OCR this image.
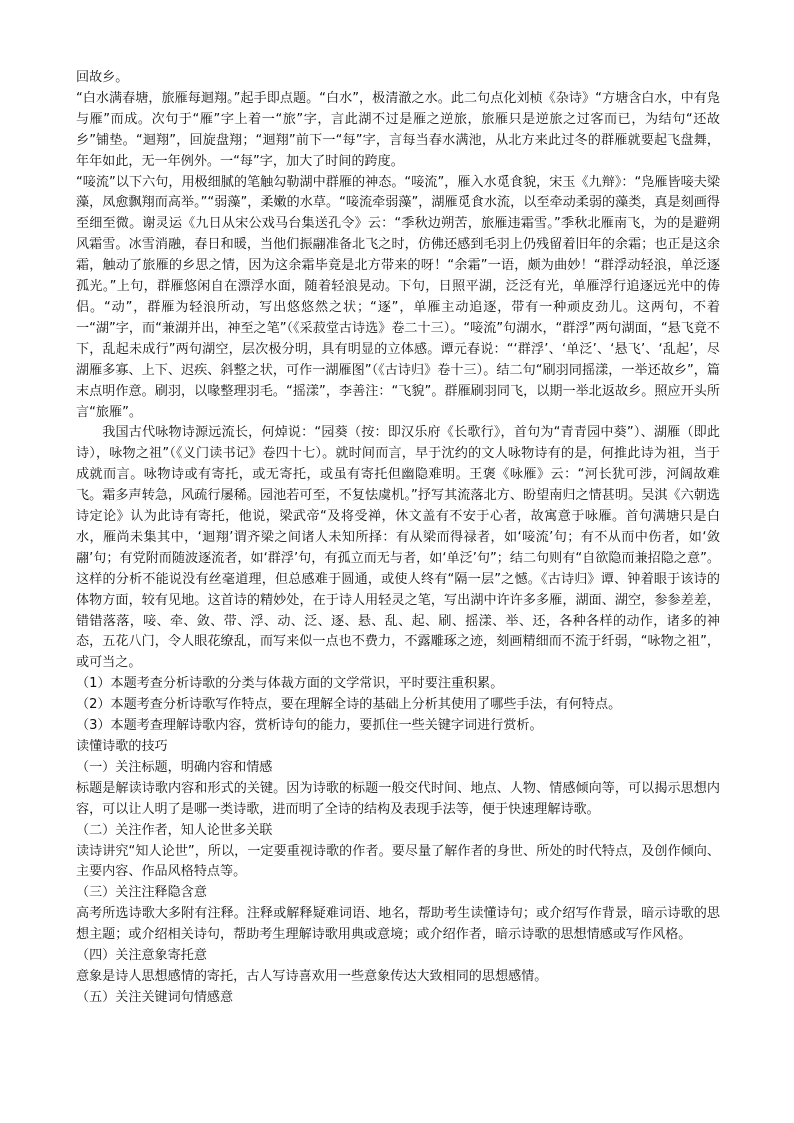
回故乡。

“白水满春塘，旅雁每迴翔。”起手即点题。“白水”，极清澈之水。此二句点化刘桢《杂诗》“方塘含白水，中有凫与雁”而成。次句于“雁”字上着一“旅”字，言此湖不过是雁之逆旅，旅雁只是逆旅之过客而已，为结句“还故乡”铺垫。“迴翔”，回旋盘翔；“迴翔”前下一“每”字，言每当春水满池，从北方来此过冬的群雁就要起飞盘舞，年年如此，无一年例外。一“每”字，加大了时间的跨度。

“唼流”以下六句，用极细腻的笔触勾勒湖中群雁的神态。“唼流”，雁入水觅食貌，宋玉《九辩》：“凫雁皆唼夫梁藻，凤愈飘翔而高举。”“弱藻”，柔嫩的水草。“唼流牵弱藻”，湖雁觅食水流，以至牵动柔弱的藻类，真是刻画得至细至微。谢灵运《九日从宋公戏马台集送孔令》云：“季秋边朔苦，旅雁违霜雪。”季秋北雁南飞，为的是避朔风霜雪。冰雪消融，春日和暖，当他们振翮准备北飞之时，仿佛还感到毛羽上仍残留着旧年的余霜；也正是这余霜，触动了旅雁的乡思之情，因为这余霜毕竟是北方带来的呀！“余霜”一语，颇为曲妙！“群浮动轻浪，单泛逐孤光。”上句，群雁悠闲自在漂浮水面，随着轻浪晃动。下句，日照平湖，泛泛有光，单雁浮行追逐远光中的俦侣。“动”，群雁为轻浪所动，写出悠悠然之状；“逐”，单雁主动追逐，带有一种顽皮劲儿。这两句，不着一“湖”字，而“兼湖并出，神至之笔”（《采菽堂古诗选》卷二十三）。“唼流”句湖水，“群浮”两句湖面，“悬飞竟不下，乱起未成行”两句湖空，层次极分明，具有明显的立体感。谭元春说：“‘群浮’、‘单泛’、‘悬飞’、‘乱起’，尽湖雁多寡、上下、迟疾、斜整之状，可作一湖雁图”（《古诗归》卷十三）。结二句“刷羽同摇漾，一举还故乡”，篇末点明作意。刷羽，以喙整理羽毛。“摇漾”，李善注：“飞貌”。群雁刷羽同飞，以期一举北返故乡。照应开头所言“旅雁”。

我国古代咏物诗源远流长，何焯说：“园葵（按：即汉乐府《长歌行》，首句为“青青园中葵”）、湖雁（即此诗），咏物之祖”（《义门读书记》卷四十七）。就时间而言，早于沈约的文人咏物诗有的是，何推此诗为祖，当于成就而言。咏物诗或有寄托，或无寄托，或虽有寄托但幽隐难明。王褒《咏雁》云：“河长犹可涉，河阔故难飞。霜多声转急，风疏行屡稀。园池若可至，不复怯虞机。”抒写其流落北方、盼望南归之情甚明。吴淇《六朝选诗定论》认为此诗有寄托，他说，梁武帝“及将受禅，休文盖有不安于心者，故寓意于咏雁。首句满塘只是白水，雁尚未集其中，‘迴翔’谓齐梁之间诸人未知所择：有从梁而得禄者，如‘唼流’句；有不从而中伤者，如‘敛翮’句；有党附而随波逐流者，如‘群浮’句，有孤立而无与者，如‘单泛’句”；结二句则有“自欲隐而兼招隐之意”。这样的分析不能说没有丝毫道理，但总感难于圆通，或使人终有“隔一层”之憾。《古诗归》谭、钟着眼于该诗的体物方面，较有见地。这首诗的精妙处，在于诗人用轻灵之笔，写出湖中许许多多雁，湖面、湖空，参参差差，错错落落，唼、牵、敛、带、浮、动、泛、逐、悬、乱、起、刷、摇漾、举、还，各种各样的动作，诸多的神态，五花八门，令人眼花缭乱，而写来似一点也不费力，不露雕琢之迹，刻画精细而不流于纤弱，“咏物之祖”，或可当之。

（1）本题考查分析诗歌的分类与体裁方面的文学常识，平时要注重积累。

（2）本题考查分析诗歌写作特点，要在理解全诗的基础上分析其使用了哪些手法，有何特点。

（3）本题考查理解诗歌内容，赏析诗句的能力，要抓住一些关键字词进行赏析。

读懂诗歌的技巧

（一）关注标题，明确内容和情感

标题是解读诗歌内容和形式的关键。因为诗歌的标题一般交代时间、地点、人物、情感倾向等，可以揭示思想内容，可以让人明了是哪一类诗歌，进而明了全诗的结构及表现手法等，便于快速理解诗歌。

（二）关注作者，知人论世多关联

读诗讲究“知人论世”，所以，一定要重视诗歌的作者。要尽量了解作者的身世、所处的时代特点，及创作倾向、主要内容、作品风格特点等。

（三）关注注释隐含意

高考所选诗歌大多附有注释。注释或解释疑难词语、地名，帮助考生读懂诗句；或介绍写作背景，暗示诗歌的思想主题；或介绍相关诗句，帮助考生理解诗歌用典或意境；或介绍作者，暗示诗歌的思想情感或写作风格。

（四）关注意象寄托意

意象是诗人思想感情的寄托，古人写诗喜欢用一些意象传达大致相同的思想感情。

（五）关注关键词句情感意
